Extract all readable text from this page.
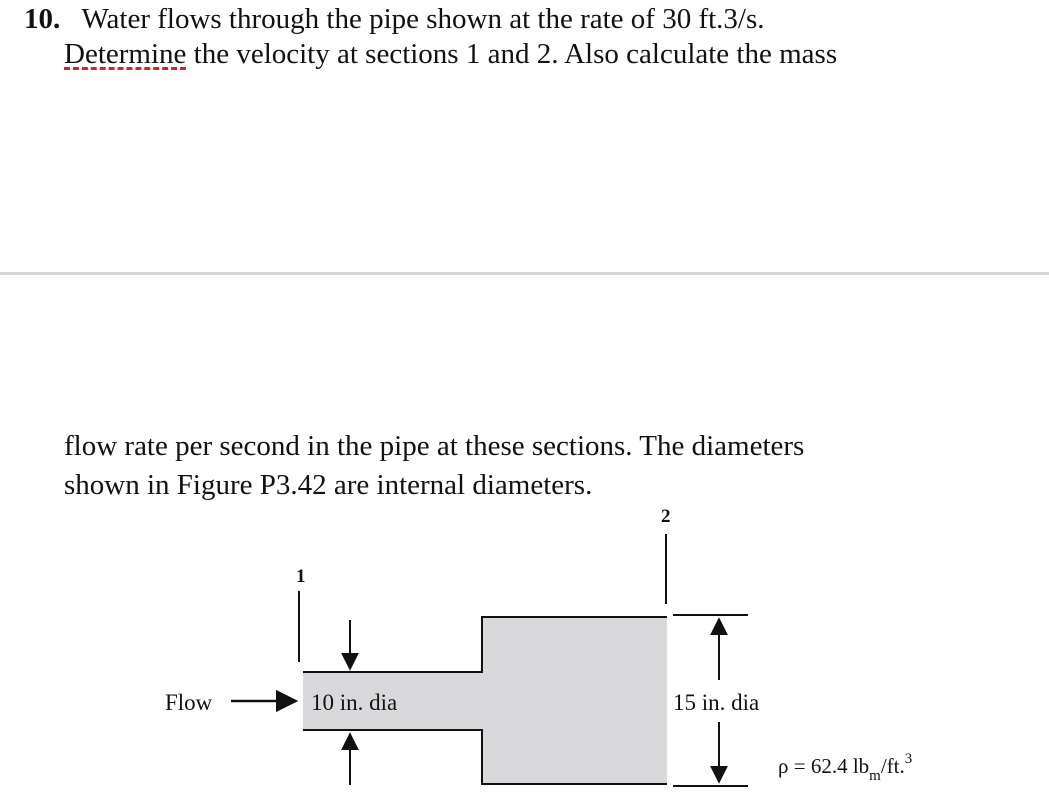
10. Water flows through the pipe shown at the rate of 30 ft.3/s.
Determine the velocity at sections 1 and 2. Also calculate the mass
flow rate per second in the pipe at these sections. The diameters
shown in Figure P3.42 are internal diameters.
1
Flow	10 in. dia
2
15 in. dia
ρ = 62.4 $lb_m/ft.^3$
